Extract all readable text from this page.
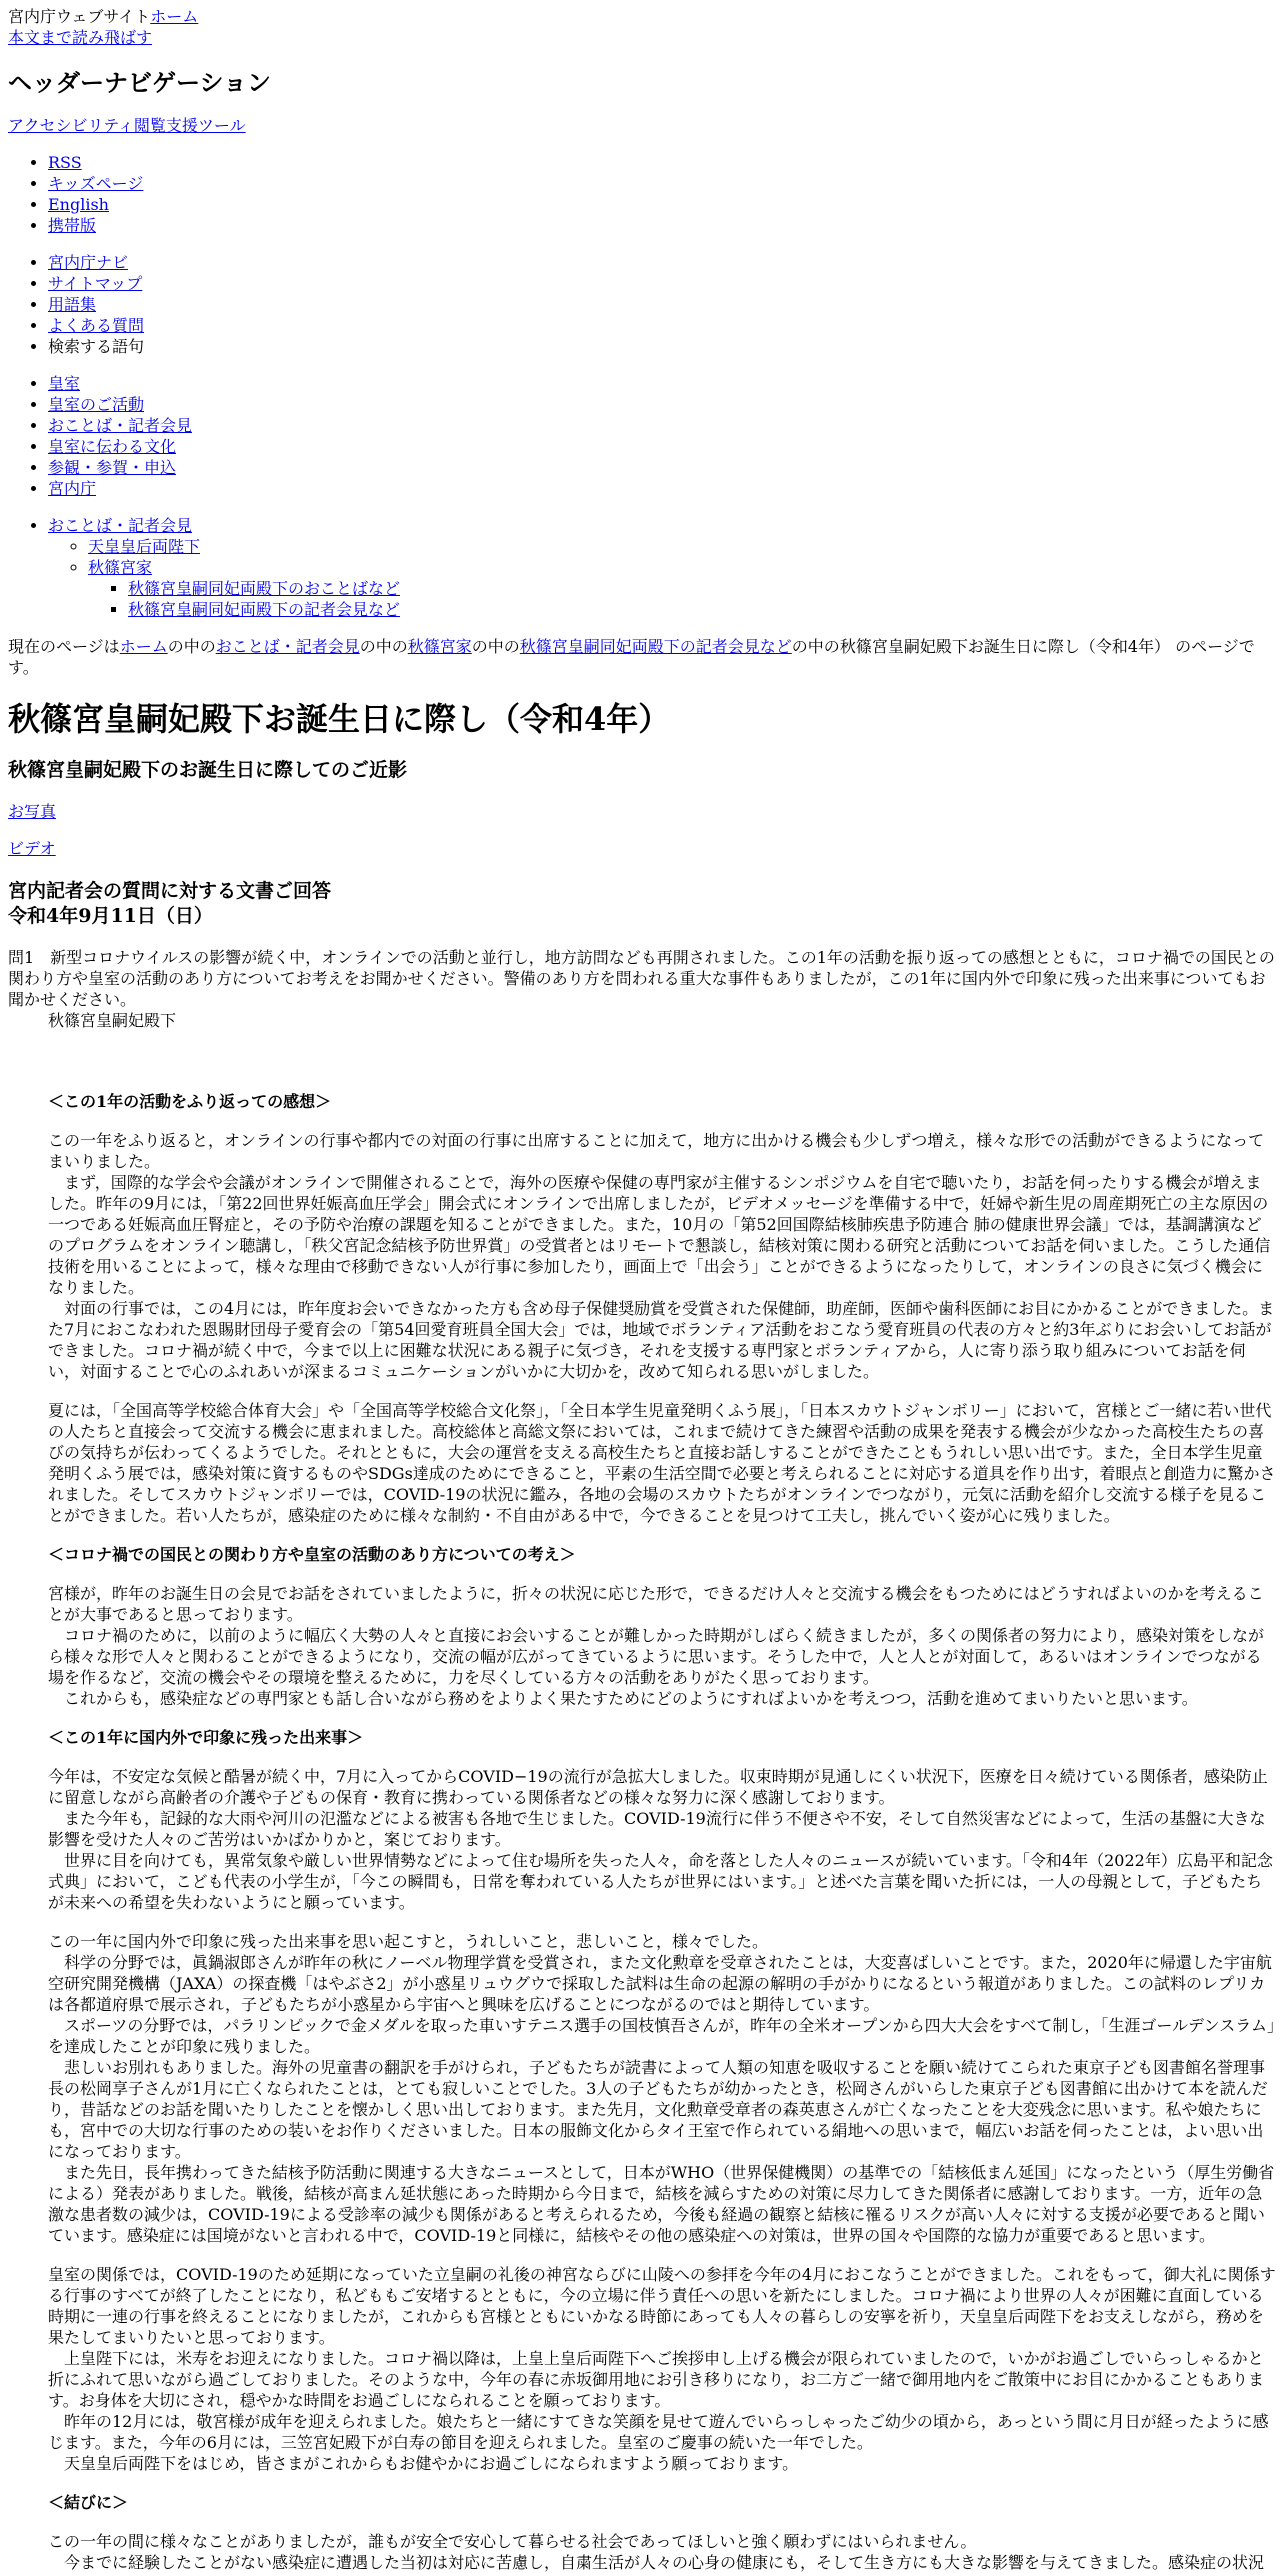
宮内庁ウェブサイトホーム
本文まで読み飛ばす
ヘッダーナビゲーション
アクセシビリティ閲覧支援ツール
• RSS
• キッズページ
• English
• 携帯版
• 宮内庁ナビ
• サイトマップ
• 用語集
• よくある質問
• 検索する語句
• 皇室
• 皇室のご活動
• おことば・記者会見
• 皇室に伝わる文化
• 参観・参賀・申込
• 宮内庁
• おことば・記者会見
◦ 天皇皇后両陛下
◦ 秋篠宮家
▪ 秋篠宮皇嗣同妃両殿下のおことばなど
▪ 秋篠宮皇嗣同妃両殿下の記者会見など
現在のページはホームの中のおことば・記者会見の中の秋篠宮家の中の秋篠宮皇嗣同妃両殿下の記者会見などの中の秋篠宮皇嗣妃殿下お誕生日に際し（令和4年） のページです。
秋篠宮皇嗣妃殿下お誕生日に際し（令和4年）
秋篠宮皇嗣妃殿下のお誕生日に際してのご近影

お写真

ビデオ

宮内記者会の質問に対する文書ご回答
令和4年9月11日（日）
問1　新型コロナウイルスの影響が続く中，オンラインでの活動と並行し，地方訪問なども再開されました。この1年の活動を振り返っての感想とともに，コロナ禍での国民との関わり方や皇室の活動のあり方についてお考えをお聞かせください。警備のあり方を問われる重大な事件もありましたが，この1年に国内外で印象に残った出来事についてもお聞かせください。
秋篠宮皇嗣妃殿下
＜この1年の活動をふり返っての感想＞

この一年をふり返ると，オンラインの行事や都内での対面の行事に出席することに加えて，地方に出かける機会も少しずつ増え，様々な形での活動ができるようになってまいりました。
まず，国際的な学会や会議がオンラインで開催されることで，海外の医療や保健の専門家が主催するシンポジウムを自宅で聴いたり，お話を伺ったりする機会が増えました。昨年の9月には，「第22回世界妊娠高血圧学会」開会式にオンラインで出席しましたが，ビデオメッセージを準備する中で，妊婦や新生児の周産期死亡の主な原因の一つである妊娠高血圧腎症と，その予防や治療の課題を知ることができました。また，10月の「第52回国際結核肺疾患予防連合 肺の健康世界会議」では，基調講演などのプログラムをオンライン聴講し，「秩父宮記念結核予防世界賞」の受賞者とはリモートで懇談し，結核対策に関わる研究と活動についてお話を伺いました。こうした通信技術を用いることによって，様々な理由で移動できない人が行事に参加したり，画面上で「出会う」ことができるようになったりして，オンラインの良さに気づく機会になりました。
対面の行事では，この4月には，昨年度お会いできなかった方も含め母子保健奨励賞を受賞された保健師，助産師，医師や歯科医師にお目にかかることができました。また7月におこなわれた恩賜財団母子愛育会の「第54回愛育班員全国大会」では，地域でボランティア活動をおこなう愛育班員の代表の方々と約3年ぶりにお会いしてお話ができました。コロナ禍が続く中で，今まで以上に困難な状況にある親子に気づき，それを支援する専門家とボランティアから，人に寄り添う取り組みについてお話を伺い，対面することで心のふれあいが深まるコミュニケーションがいかに大切かを，改めて知られる思いがしました。

夏には，「全国高等学校総合体育大会」や「全国高等学校総合文化祭」，「全日本学生児童発明くふう展」，「日本スカウトジャンボリー」において，宮様とご一緒に若い世代の人たちと直接会って交流する機会に恵まれました。高校総体と高総文祭においては，これまで続けてきた練習や活動の成果を発表する機会が少なかった高校生たちの喜びの気持ちが伝わってくるようでした。それとともに，大会の運営を支える高校生たちと直接お話しすることができたこともうれしい思い出です。また，全日本学生児童発明くふう展では，感染対策に資するものやSDGs達成のためにできること，平素の生活空間で必要と考えられることに対応する道具を作り出す，着眼点と創造力に驚かされました。そしてスカウトジャンボリーでは，COVID-19の状況に鑑み，各地の会場のスカウトたちがオンラインでつながり，元気に活動を紹介し交流する様子を見ることができました。若い人たちが，感染症のために様々な制約・不自由がある中で，今できることを見つけて工夫し，挑んでいく姿が心に残りました。

＜コロナ禍での国民との関わり方や皇室の活動のあり方についての考え＞

宮様が，昨年のお誕生日の会見でお話をされていましたように，折々の状況に応じた形で，できるだけ人々と交流する機会をもつためにはどうすればよいのかを考えることが大事であると思っております。
コロナ禍のために，以前のように幅広く大勢の人々と直接にお会いすることが難しかった時期がしばらく続きましたが，多くの関係者の努力により，感染対策をしながら様々な形で人々と関わることができるようになり，交流の幅が広がってきているように思います。そうした中で，人と人とが対面して，あるいはオンラインでつながる場を作るなど，交流の機会やその環境を整えるために，力を尽くしている方々の活動をありがたく思っております。
これからも，感染症などの専門家とも話し合いながら務めをよりよく果たすためにどのようにすればよいかを考えつつ，活動を進めてまいりたいと思います。

＜この1年に国内外で印象に残った出来事＞

今年は，不安定な気候と酷暑が続く中，7月に入ってからCOVID−19の流行が急拡大しました。収束時期が見通しにくい状況下，医療を日々続けている関係者，感染防止に留意しながら高齢者の介護や子どもの保育・教育に携わっている関係者などの様々な努力に深く感謝しております。
また今年も，記録的な大雨や河川の氾濫などによる被害も各地で生じました。COVID-19流行に伴う不便さや不安，そして自然災害などによって，生活の基盤に大きな影響を受けた人々のご苦労はいかばかりかと，案じております。
世界に目を向けても，異常気象や厳しい世界情勢などによって住む場所を失った人々，命を落とした人々のニュースが続いています。「令和4年（2022年）広島平和記念式典」において，こども代表の小学生が，「今この瞬間も，日常を奪われている人たちが世界にはいます。」と述べた言葉を聞いた折には，一人の母親として，子どもたちが未来への希望を失わないようにと願っています。

この一年に国内外で印象に残った出来事を思い起こすと，うれしいこと，悲しいこと，様々でした。
科学の分野では，眞鍋淑郎さんが昨年の秋にノーベル物理学賞を受賞され，また文化勲章を受章されたことは，大変喜ばしいことです。また，2020年に帰還した宇宙航空研究開発機構（JAXA）の探査機「はやぶさ2」が小惑星リュウグウで採取した試料は生命の起源の解明の手がかりになるという報道がありました。この試料のレプリカは各都道府県で展示され，子どもたちが小惑星から宇宙へと興味を広げることにつながるのではと期待しています。
スポーツの分野では，パラリンピックで金メダルを取った車いすテニス選手の国枝慎吾さんが，昨年の全米オープンから四大大会をすべて制し，「生涯ゴールデンスラム」を達成したことが印象に残りました。
悲しいお別れもありました。海外の児童書の翻訳を手がけられ，子どもたちが読書によって人類の知恵を吸収することを願い続けてこられた東京子ども図書館名誉理事長の松岡享子さんが1月に亡くなられたことは，とても寂しいことでした。3人の子どもたちが幼かったとき，松岡さんがいらした東京子ども図書館に出かけて本を読んだり，昔話などのお話を聞いたりしたことを懐かしく思い出しております。また先月，文化勲章受章者の森英恵さんが亡くなったことを大変残念に思います。私や娘たちにも，宮中での大切な行事のための装いをお作りくださいました。日本の服飾文化からタイ王室で作られている絹地への思いまで，幅広いお話を伺ったことは，よい思い出になっております。
また先日，長年携わってきた結核予防活動に関連する大きなニュースとして，日本がWHO（世界保健機関）の基準での「結核低まん延国」になったという（厚生労働省による）発表がありました。戦後，結核が高まん延状態にあった時期から今日まで，結核を減らすための対策に尽力してきた関係者に感謝しております。一方，近年の急激な患者数の減少は，COVID-19による受診率の減少も関係があると考えられるため，今後も経過の観察と結核に罹るリスクが高い人々に対する支援が必要であると聞いています。感染症には国境がないと言われる中で，COVID-19と同様に，結核やその他の感染症への対策は，世界の国々や国際的な協力が重要であると思います。

皇室の関係では，COVID-19のため延期になっていた立皇嗣の礼後の神宮ならびに山陵への参拝を今年の4月におこなうことができました。これをもって，御大礼に関係する行事のすべてが終了したことになり，私どももご安堵するとともに，今の立場に伴う責任への思いを新たにしました。コロナ禍により世界の人々が困難に直面している時期に一連の行事を終えることになりましたが，これからも宮様とともにいかなる時節にあっても人々の暮らしの安寧を祈り，天皇皇后両陛下をお支えしながら，務めを果たしてまいりたいと思っております。
上皇陛下には，米寿をお迎えになりました。コロナ禍以降は，上皇上皇后両陛下へご挨拶申し上げる機会が限られていましたので，いかがお過ごしでいらっしゃるかと折にふれて思いながら過ごしておりました。そのような中，今年の春に赤坂御用地にお引き移りになり，お二方ご一緒で御用地内をご散策中にお目にかかることもあります。お身体を大切にされ，穏やかな時間をお過ごしになられることを願っております。
昨年の12月には，敬宮様が成年を迎えられました。娘たちと一緒にすてきな笑顔を見せて遊んでいらっしゃったご幼少の頃から，あっという間に月日が経ったように感じます。また，今年の6月には，三笠宮妃殿下が白寿の節目を迎えられました。皇室のご慶事の続いた一年でした。
天皇皇后両陛下をはじめ，皆さまがこれからもお健やかにお過ごしになられますよう願っております。

＜結びに＞

この一年の間に様々なことがありましたが，誰もが安全で安心して暮らせる社会であってほしいと強く願わずにはいられません。
今までに経験したことがない感染症に遭遇した当初は対応に苦慮し，自粛生活が人々の心身の健康にも，そして生き方にも大きな影響を与えてきました。感染症の状況
